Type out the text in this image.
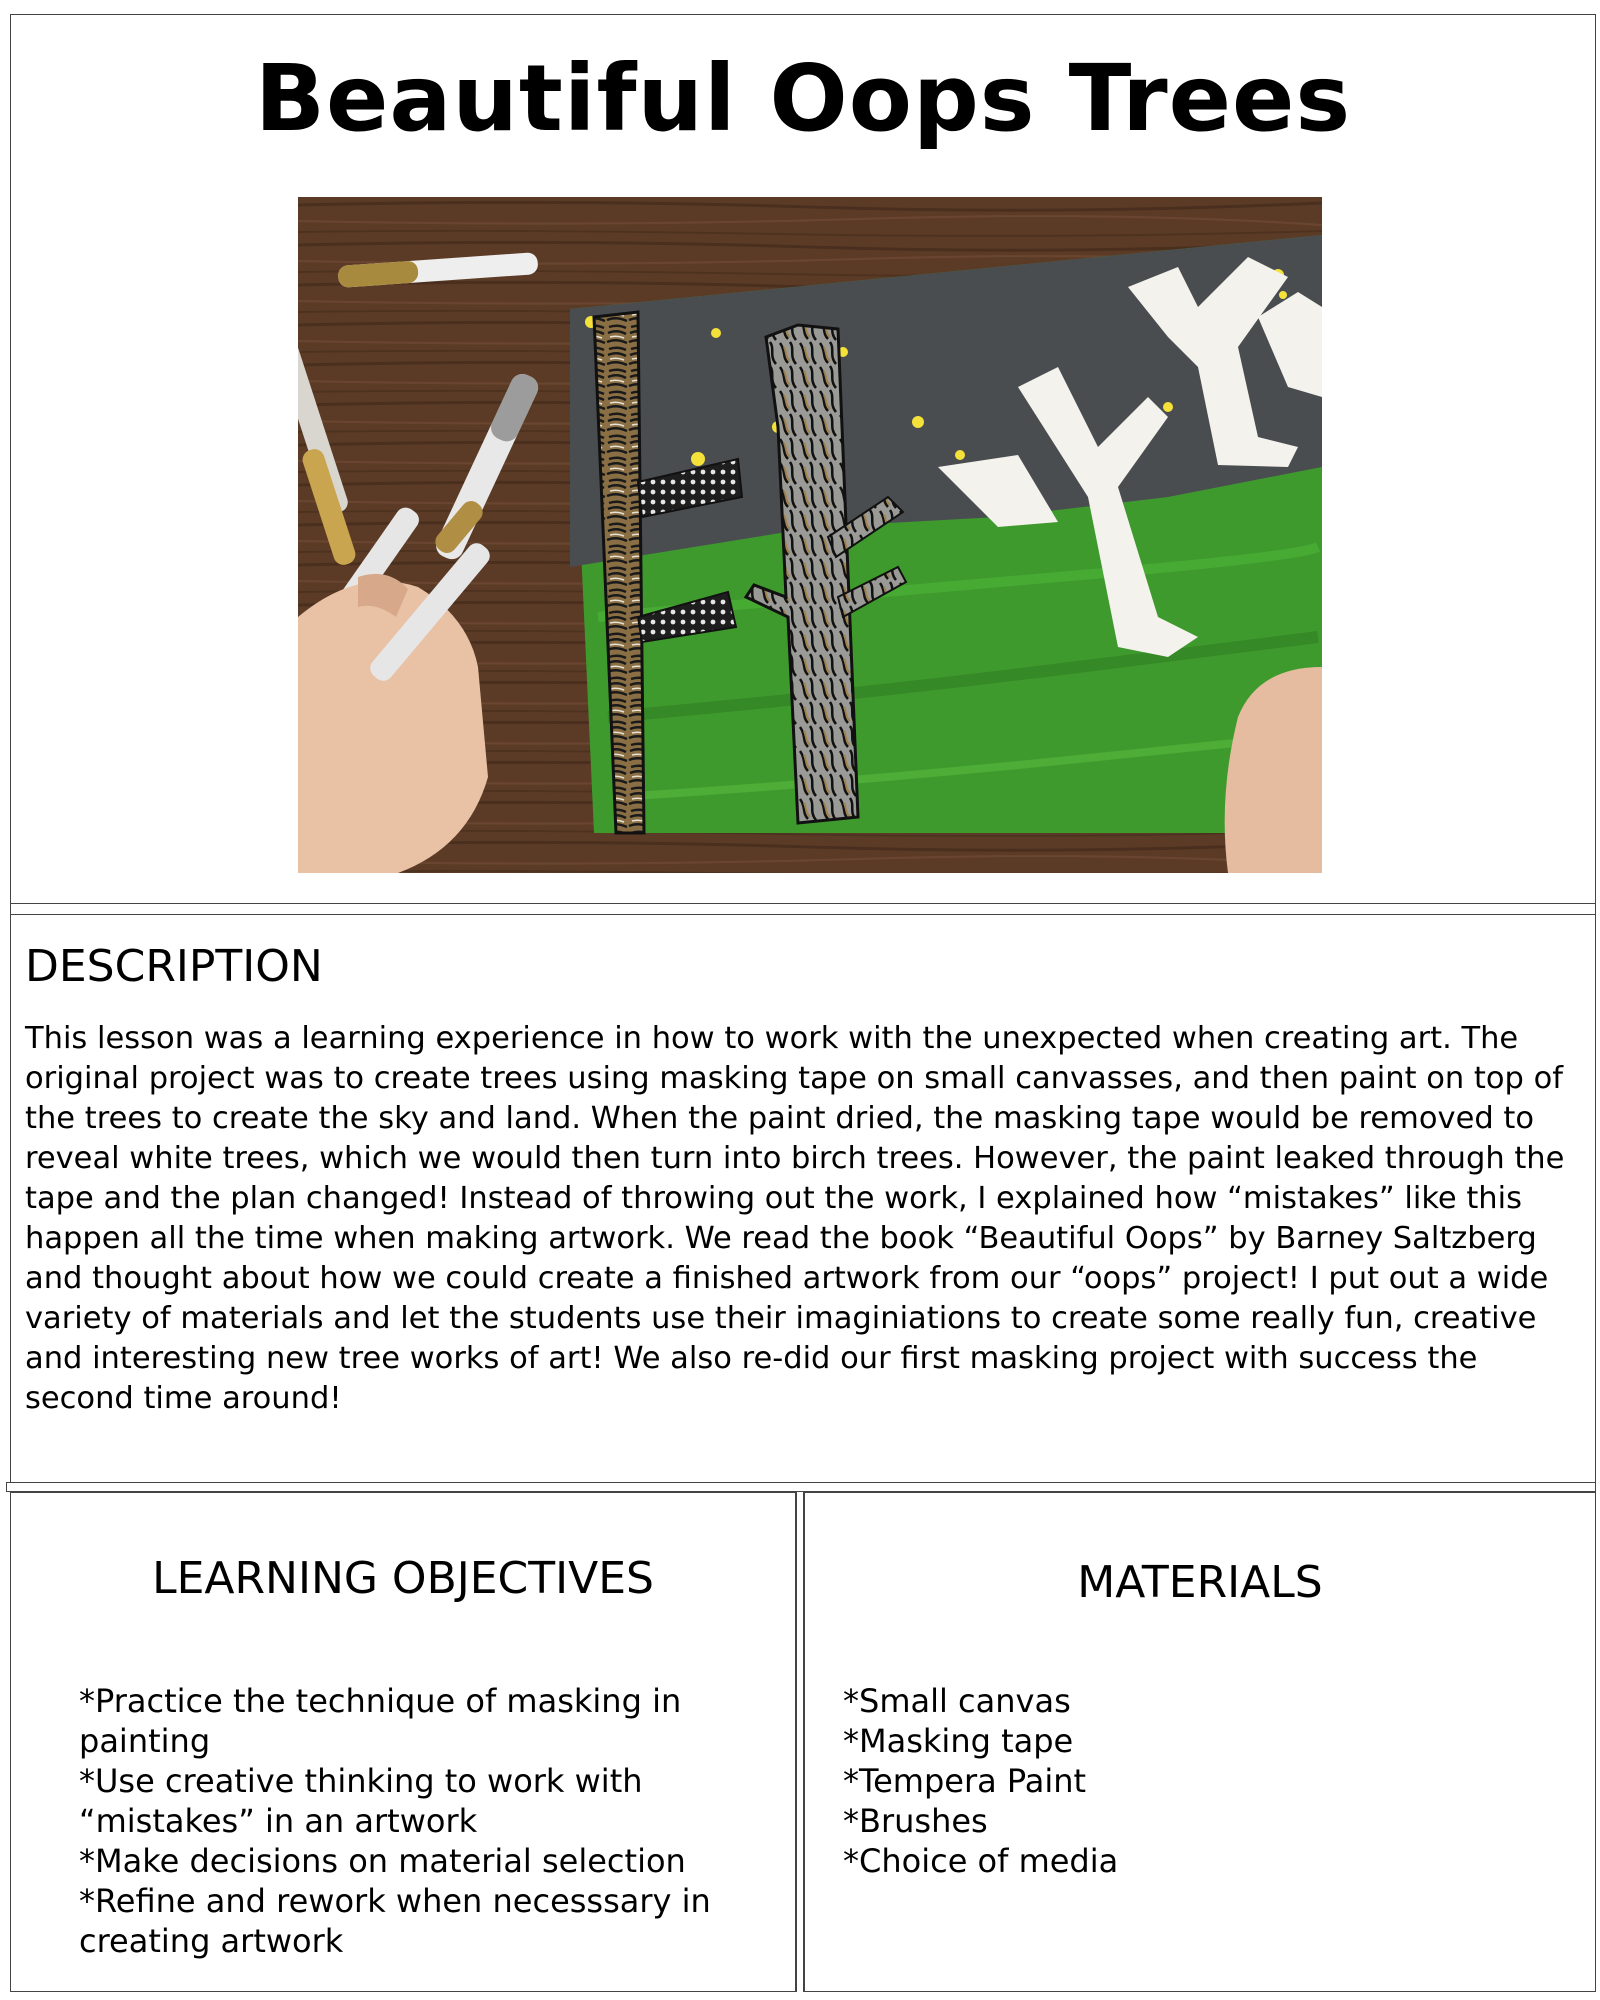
Beautiful Oops Trees
DESCRIPTION

This lesson was a learning experience in how to work with the unexpected when creating art. The original project was to create trees using masking tape on small canvasses, and then paint on top of the trees to create the sky and land. When the paint dried, the masking tape would be removed to reveal white trees, which we would then turn into birch trees. However, the paint leaked through the tape and the plan changed! Instead of throwing out the work, I explained how “mistakes” like this happen all the time when making artwork. We read the book “Beautiful Oops” by Barney Saltzberg and thought about how we could create a finished artwork from our “oops” project! I put out a wide variety of materials and let the students use their imaginiations to create some really fun, creative and interesting new tree works of art! We also re-did our first masking project with success the second time around!

LEARNING OBJECTIVES
*Practice the technique of masking in painting
*Use creative thinking to work with “mistakes” in an artwork
*Make decisions on material selection
*Refine and rework when necesssary in creating artwork
MATERIALS
*Small canvas
*Masking tape
*Tempera Paint
*Brushes
*Choice of media
